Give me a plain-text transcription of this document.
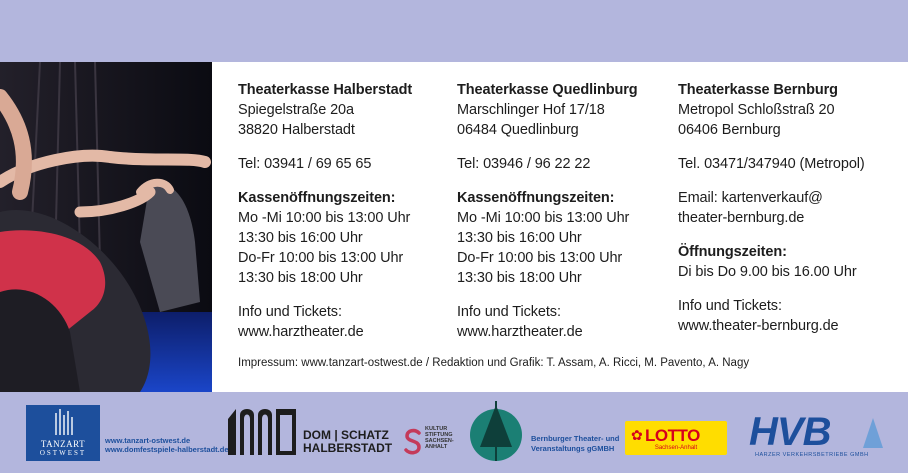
Theaterkasse Halberstadt

Spiegelstraße 20a

38820 Halberstadt

Tel: 03941 / 69 65 65

Kassenöffnungszeiten:

Mo -Mi 10:00 bis 13:00 Uhr

13:30 bis 16:00 Uhr

Do-Fr 10:00 bis 13:00 Uhr

13:30 bis 18:00 Uhr

Info und Tickets:

www.harztheater.de

Theaterkasse Quedlinburg

Marschlinger Hof 17/18

06484 Quedlinburg

Tel: 03946 / 96 22 22

Kassenöffnungszeiten:

Mo -Mi 10:00 bis 13:00 Uhr

13:30 bis 16:00 Uhr

Do-Fr 10:00 bis 13:00 Uhr

13:30 bis 18:00 Uhr

Info und Tickets:

www.harztheater.de

Theaterkasse Bernburg

Metropol Schloßstraß 20

06406 Bernburg

Tel. 03471/347940 (Metropol)

Email: kartenverkauf@

theater-bernburg.de

Öffnungszeiten:

Di bis Do 9.00 bis 16.00 Uhr

Info und Tickets:

www.theater-bernburg.de

Impressum: www.tanzart-ostwest.de / Redaktion und Grafik: T. Assam, A. Ricci, M. Pavento, A. Nagy
TANZART
OSTWEST
www.tanzart-ostwest.de
www.domfestspiele-halberstadt.de
DOM | SCHATZ
HALBERSTADT
KULTUR STIFTUNG SACHSEN-ANHALT
Bernburger Theater- und
Veranstaltungs gGMBH
✿ LOTTO
Sachsen-Anhalt	HVB
HARZER VERKEHRSBETRIEBE GMBH
